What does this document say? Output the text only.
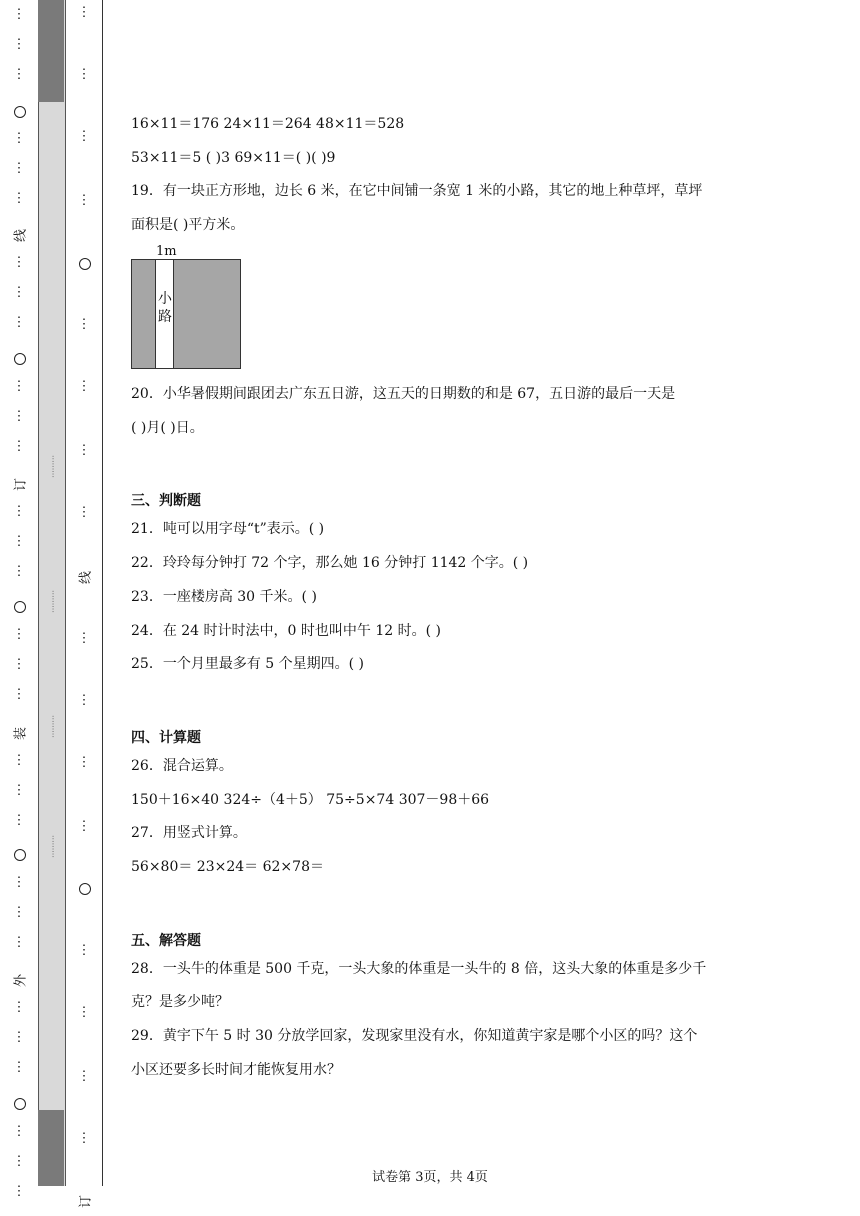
⋮
⋮
⋮
⋮
⋮
⋮
线
⋮
⋮
⋮
⋮
⋮
⋮
订
⋮
⋮
⋮
⋮
⋮
⋮
装
⋮
⋮
⋮
⋮
⋮
⋮
外
⋮
⋮
⋮
⋮
⋮
⋮
·········
·········
·········
·········
⋮
⋮
⋮
⋮
⋮
⋮
⋮
⋮
线
⋮
⋮
⋮
⋮
⋮
⋮
⋮
⋮
订
16×11＝176 24×11＝264 48×11＝528
53×11＝5 ( )3 69×11＝( )( )9
19．有一块正方形地，边长 6 米，在它中间铺一条宽 1 米的小路，其它的地上种草坪，草坪
面积是( )平方米。
20．小华暑假期间跟团去广东五日游，这五天的日期数的和是 67，五日游的最后一天是
( )月( )日。
三、判断题
21．吨可以用字母“t”表示。( )
22．玲玲每分钟打 72 个字，那么她 16 分钟打 1142 个字。( )
23．一座楼房高 30 千米。( )
24．在 24 时计时法中，0 时也叫中午 12 时。( )
25．一个月里最多有 5 个星期四。( )
四、计算题
26．混合运算。
150＋16×40 324÷（4＋5） 75÷5×74 307－98＋66
27．用竖式计算。
56×80＝ 23×24＝ 62×78＝
五、解答题
28．一头牛的体重是 500 千克，一头大象的体重是一头牛的 8 倍，这头大象的体重是多少千
克？是多少吨？
29．黄宇下午 5 时 30 分放学回家，发现家里没有水，你知道黄宇家是哪个小区的吗？这个
小区还要多长时间才能恢复用水？
1m
小路
试卷第 3页，共 4页
